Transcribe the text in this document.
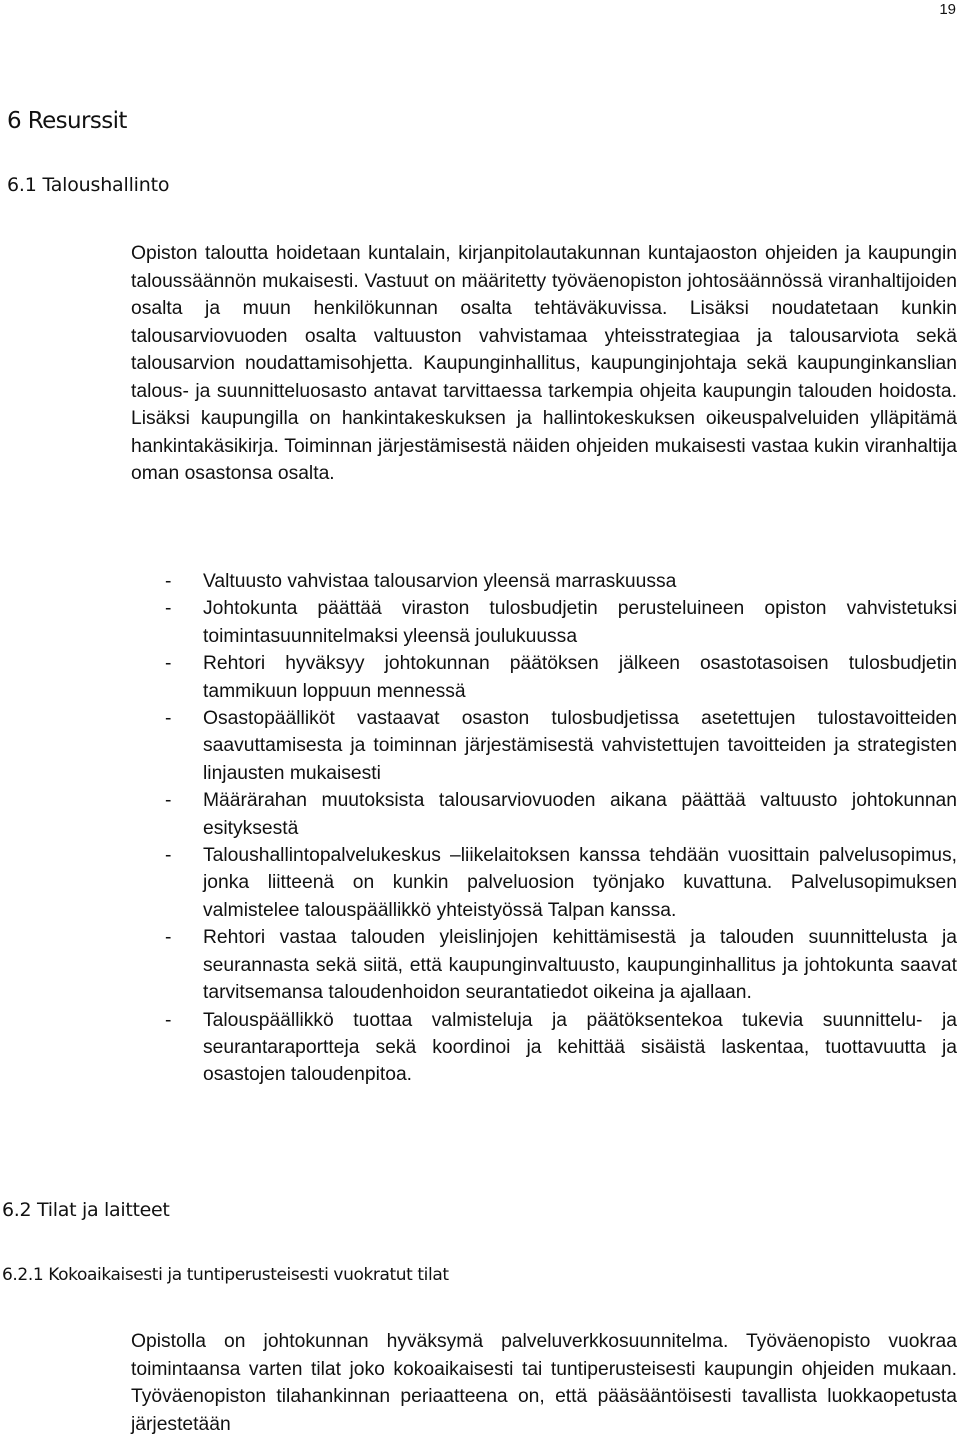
19
6 Resurssit
6.1 Taloushallinto

Opiston taloutta hoidetaan kuntalain, kirjanpitolautakunnan kuntajaoston ohjeiden ja kaupungin taloussäännön mukaisesti. Vastuut on määritetty työväenopiston johtosäännössä viranhaltijoiden osalta ja muun henkilökunnan osalta tehtäväkuvissa. Lisäksi noudatetaan kunkin talousarviovuoden osalta valtuuston vahvistamaa yhteisstrategiaa ja talousarviota sekä talousarvion noudattamisohjetta. Kaupunginhallitus, kaupunginjohtaja sekä kaupunginkanslian talous- ja suunnitteluosasto antavat tarvittaessa tarkempia ohjeita kaupungin talouden hoidosta. Lisäksi kaupungilla on hankintakeskuksen ja hallintokeskuksen oikeuspalveluiden ylläpitämä hankintakäsikirja. Toiminnan järjestämisestä näiden ohjeiden mukaisesti vastaa kukin viranhaltija oman osastonsa osalta.

- Valtuusto vahvistaa talousarvion yleensä marraskuussa
- Johtokunta päättää viraston tulosbudjetin perusteluineen opiston vahvistetuksi toimintasuunnitelmaksi yleensä joulukuussa
- Rehtori hyväksyy johtokunnan päätöksen jälkeen osastotasoisen tulosbudjetin tammikuun loppuun mennessä
- Osastopäälliköt vastaavat osaston tulosbudjetissa asetettujen tulostavoitteiden saavuttamisesta ja toiminnan järjestämisestä vahvistettujen tavoitteiden ja strategisten linjausten mukaisesti
- Määrärahan muutoksista talousarviovuoden aikana päättää valtuusto johtokunnan esityksestä
- Taloushallintopalvelukeskus –liikelaitoksen kanssa tehdään vuosittain palvelusopimus, jonka liitteenä on kunkin palveluosion työnjako kuvattuna. Palvelusopimuksen valmistelee talouspäällikkö yhteistyössä Talpan kanssa.
- Rehtori vastaa talouden yleislinjojen kehittämisestä ja talouden suunnittelusta ja seurannasta sekä siitä, että kaupunginvaltuusto, kaupunginhallitus ja johtokunta saavat tarvitsemansa taloudenhoidon seurantatiedot oikeina ja ajallaan.
- Talouspäällikkö tuottaa valmisteluja ja päätöksentekoa tukevia suunnittelu- ja seurantaraportteja sekä koordinoi ja kehittää sisäistä laskentaa, tuottavuutta ja osastojen taloudenpitoa.
6.2 Tilat ja laitteet
6.2.1 Kokoaikaisesti ja tuntiperusteisesti vuokratut tilat

Opistolla on johtokunnan hyväksymä palveluverkkosuunnitelma. Työväenopisto vuokraa toimintaansa varten tilat joko kokoaikaisesti tai tuntiperusteisesti kaupungin ohjeiden mukaan. Työväenopiston tilahankinnan periaatteena on, että pääsääntöisesti tavallista luokkaopetusta järjestetään
